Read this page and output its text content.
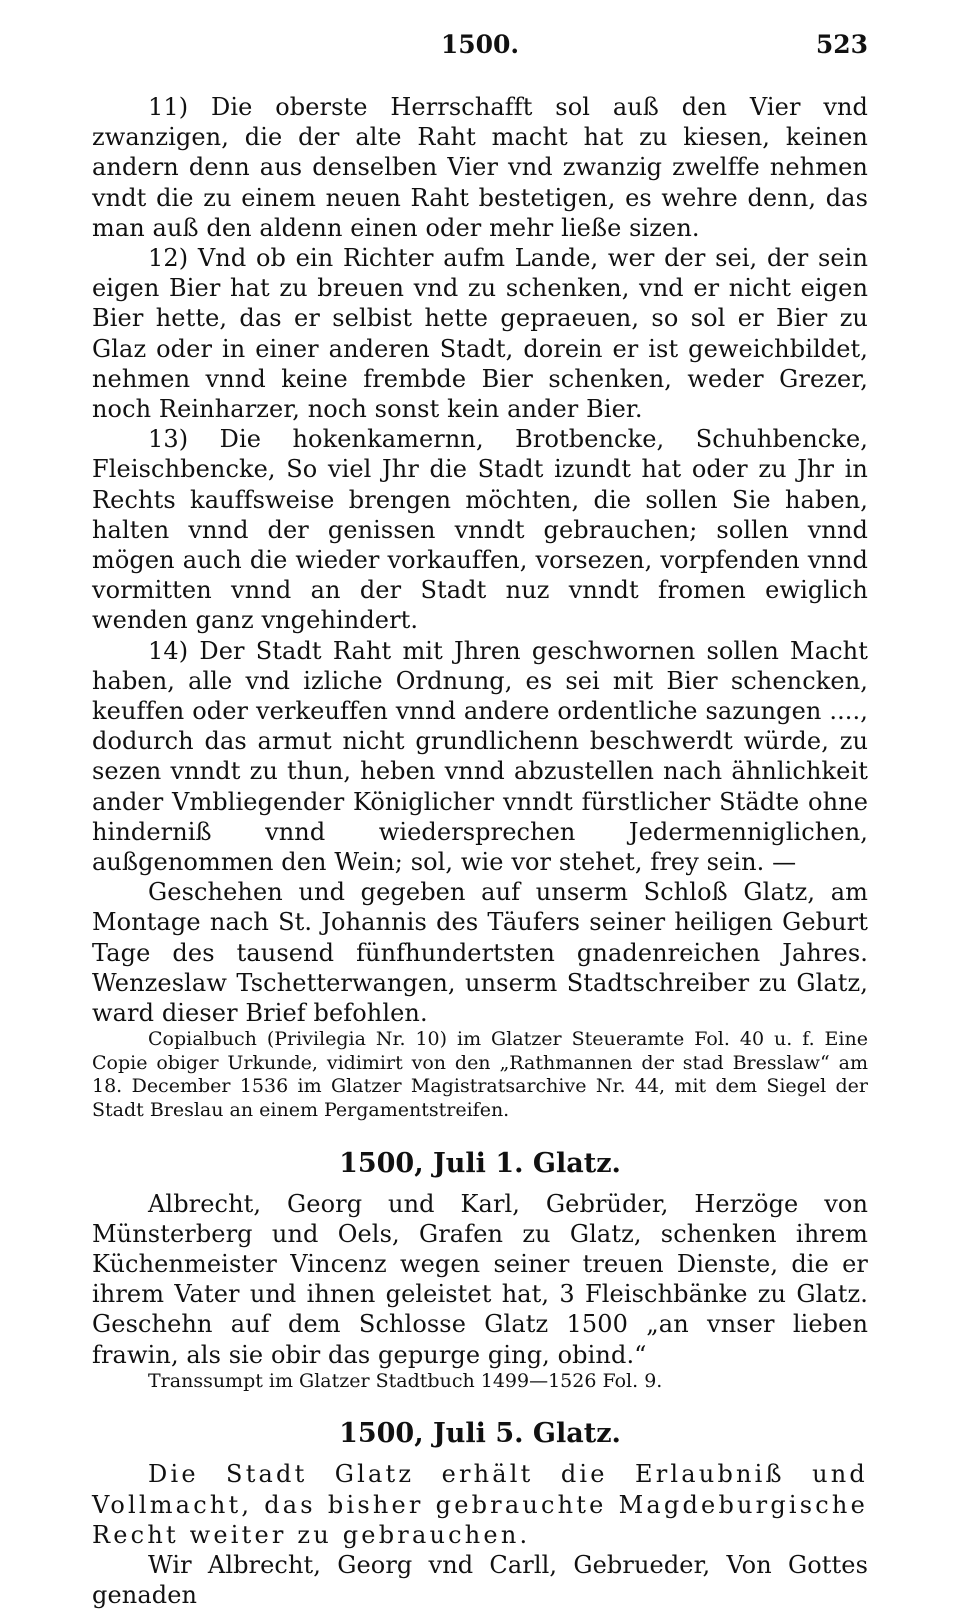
1500.	523

11) Die oberste Herrschafft sol auß den Vier vnd zwanzigen, die der alte Raht macht hat zu kiesen, keinen andern denn aus denselben Vier vnd zwanzig zwelffe nehmen vndt die zu einem neuen Raht bestetigen, es wehre denn, das man auß den aldenn einen oder mehr ließe sizen.

12) Vnd ob ein Richter aufm Lande, wer der sei, der sein eigen Bier hat zu breuen vnd zu schenken, vnd er nicht eigen Bier hette, das er selbist hette gepraeuen, so sol er Bier zu Glaz oder in einer anderen Stadt, dorein er ist geweichbildet, nehmen vnnd keine frembde Bier schenken, weder Grezer, noch Reinharzer, noch sonst kein ander Bier.

13) Die hokenkamernn, Brotbencke, Schuhbencke, Fleischbencke, So viel Jhr die Stadt izundt hat oder zu Jhr in Rechts kauffsweise brengen möchten, die sollen Sie haben, halten vnnd der genissen vnndt gebrauchen; sollen vnnd mögen auch die wieder vorkauffen, vorsezen, vorpfenden vnnd vormitten vnnd an der Stadt nuz vnndt fromen ewiglich wenden ganz vngehindert.

14) Der Stadt Raht mit Jhren geschwornen sollen Macht haben, alle vnd izliche Ordnung, es sei mit Bier schencken, keuffen oder verkeuffen vnnd andere ordentliche sazungen ...., dodurch das armut nicht grundlichenn beschwerdt würde, zu sezen vnndt zu thun, heben vnnd abzustellen nach ähnlichkeit ander Vmbliegender Königlicher vnndt fürstlicher Städte ohne hinderniß vnnd wiedersprechen Jedermenniglichen, außgenommen den Wein; sol, wie vor stehet, frey sein. —

Geschehen und gegeben auf unserm Schloß Glatz, am Montage nach St. Johannis des Täufers seiner heiligen Geburt Tage des tausend fünfhundertsten gnadenreichen Jahres. Wenzeslaw Tschetterwangen, unserm Stadtschreiber zu Glatz, ward dieser Brief befohlen.

Copialbuch (Privilegia Nr. 10) im Glatzer Steueramte Fol. 40 u. f. Eine Copie obiger Urkunde, vidimirt von den „Rathmannen der stad Bresslaw“ am 18. December 1536 im Glatzer Magistratsarchive Nr. 44, mit dem Siegel der Stadt Breslau an einem Pergamentstreifen.

1500, Juli 1. Glatz.

Albrecht, Georg und Karl, Gebrüder, Herzöge von Münsterberg und Oels, Grafen zu Glatz, schenken ihrem Küchenmeister Vincenz wegen seiner treuen Dienste, die er ihrem Vater und ihnen geleistet hat, 3 Fleischbänke zu Glatz. Geschehn auf dem Schlosse Glatz 1500 „an vnser lieben frawin, als sie obir das gepurge ging, obind.“

Transsumpt im Glatzer Stadtbuch 1499—1526 Fol. 9.

1500, Juli 5. Glatz.

Die Stadt Glatz erhält die Erlaubniß und Vollmacht, das bisher gebrauchte Magdeburgische Recht weiter zu gebrauchen.

Wir Albrecht, Georg vnd Carll, Gebrueder, Von Gottes genaden
